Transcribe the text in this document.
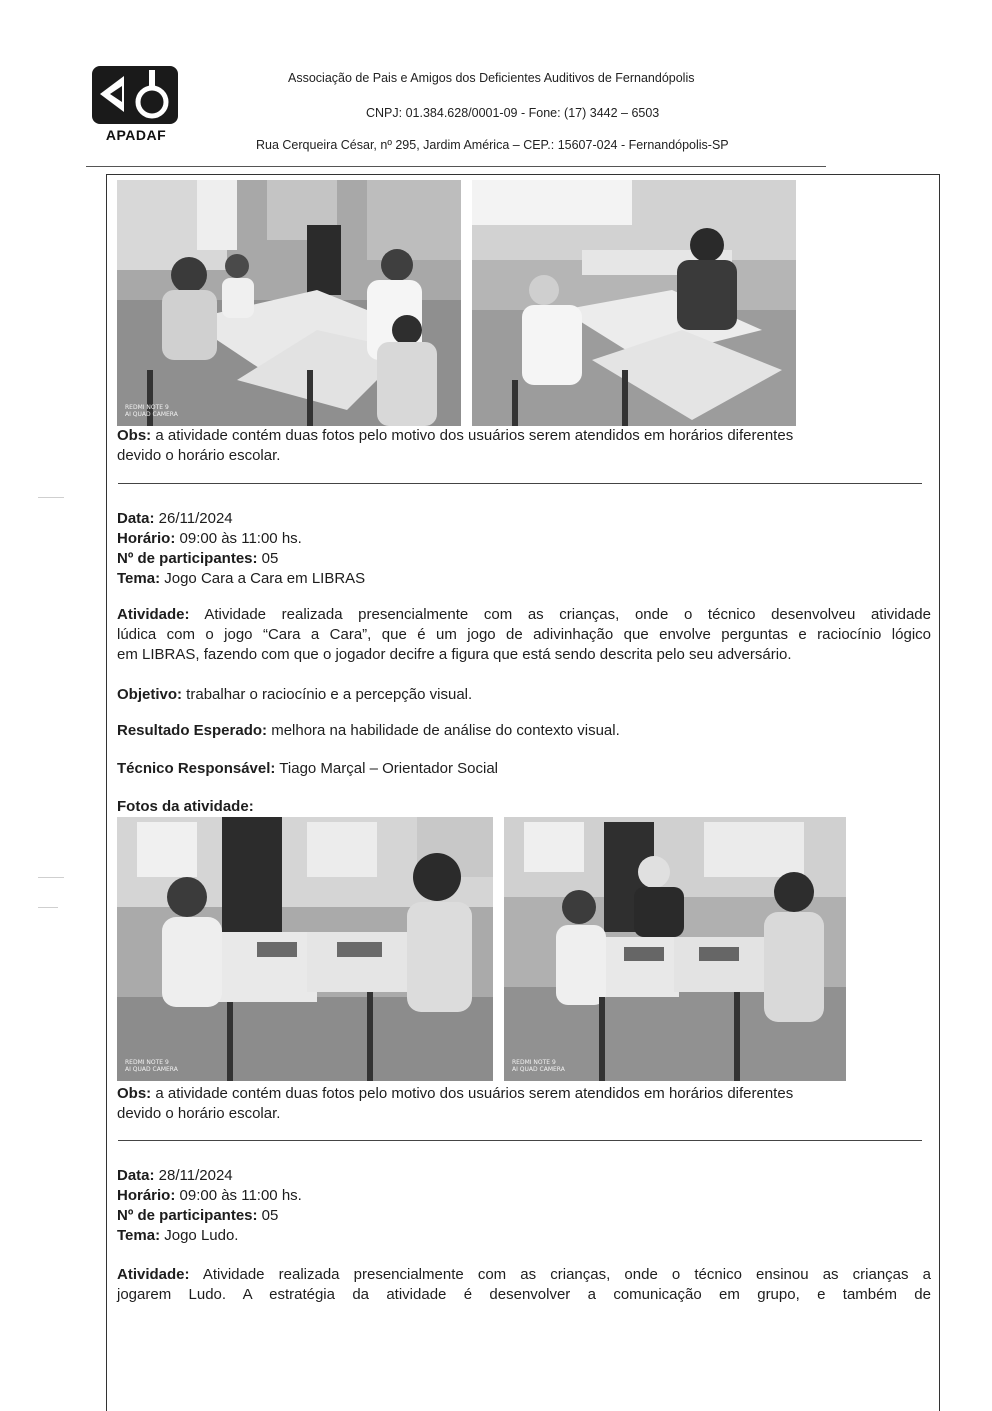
APADAF
Associação de Pais e Amigos dos Deficientes Auditivos de Fernandópolis
CNPJ: 01.384.628/0001-09 - Fone: (17) 3442 – 6503
Rua Cerqueira César, nº 295, Jardim América – CEP.: 15607-024 - Fernandópolis-SP
REDMI NOTE 9
AI QUAD CAMERA
Obs: a atividade contém duas fotos pelo motivo dos usuários serem atendidos em horários diferentes
devido o horário escolar.
Data: 26/11/2024
Horário: 09:00 às 11:00 hs.
Nº de participantes: 05
Tema: Jogo Cara a Cara em LIBRAS
Atividade: Atividade realizada presencialmente com as crianças, onde o técnico desenvolveu atividade
lúdica com o jogo “Cara a Cara”, que é um jogo de adivinhação que envolve perguntas e raciocínio lógico
em LIBRAS, fazendo com que o jogador decifre a figura que está sendo descrita pelo seu adversário.
Objetivo: trabalhar o raciocínio e a percepção visual.
Resultado Esperado: melhora na habilidade de análise do contexto visual.
Técnico Responsável: Tiago Marçal – Orientador Social
Fotos da atividade:
REDMI NOTE 9
AI QUAD CAMERA
REDMI NOTE 9
AI QUAD CAMERA
Obs: a atividade contém duas fotos pelo motivo dos usuários serem atendidos em horários diferentes
devido o horário escolar.
Data: 28/11/2024
Horário: 09:00 às 11:00 hs.
Nº de participantes: 05
Tema: Jogo Ludo.
Atividade: Atividade realizada presencialmente com as crianças, onde o técnico ensinou as crianças a
jogarem Ludo. A estratégia da atividade é desenvolver a comunicação em grupo, e também de
